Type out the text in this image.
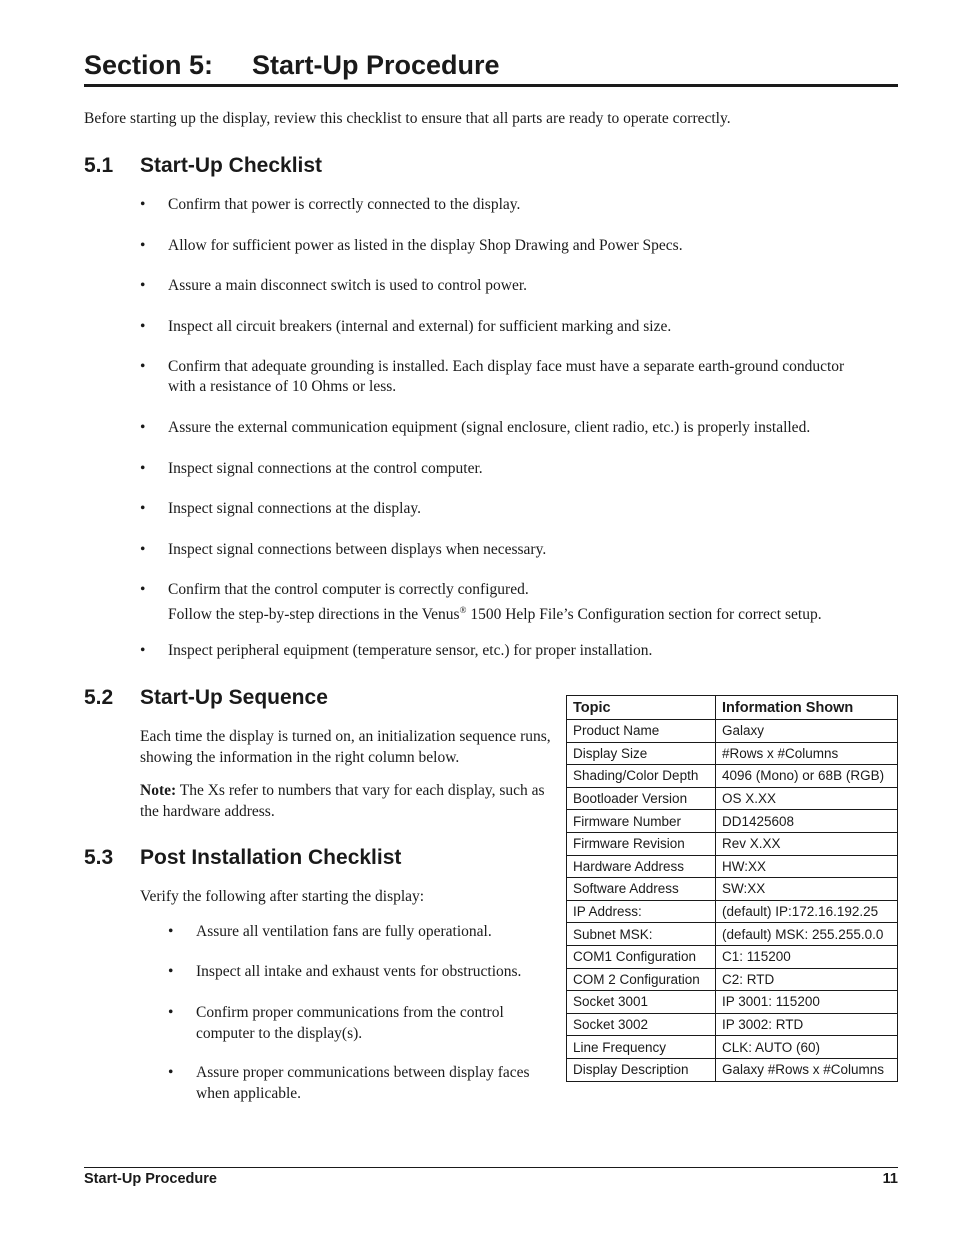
Section 5: Start-Up Procedure
Before starting up the display, review this checklist to ensure that all parts are ready to operate correctly.
5.1 Start-Up Checklist
• Confirm that power is correctly connected to the display.
• Allow for sufficient power as listed in the display Shop Drawing and Power Specs.
• Assure a main disconnect switch is used to control power.
• Inspect all circuit breakers (internal and external) for sufficient marking and size.
• Confirm that adequate grounding is installed. Each display face must have a separate earth-ground conductor with a resistance of 10 Ohms or less.
• Assure the external communication equipment (signal enclosure, client radio, etc.) is properly installed.
• Inspect signal connections at the control computer.
• Inspect signal connections at the display.
• Inspect signal connections between displays when necessary.
• Confirm that the control computer is correctly configured.
Follow the step-by-step directions in the Venus® 1500 Help File’s Configuration section for correct setup.
• Inspect peripheral equipment (temperature sensor, etc.) for proper installation.
5.2 Start-Up Sequence
Each time the display is turned on, an initialization sequence runs, showing the information in the right column below.
Note: The Xs refer to numbers that vary for each display, such as the hardware address.
5.3 Post Installation Checklist
Verify the following after starting the display:
• Assure all ventilation fans are fully operational.
• Inspect all intake and exhaust vents for obstructions.
• Confirm proper communications from the control computer to the display(s).
• Assure proper communications between display faces when applicable.
Topic	Information Shown
Product Name	Galaxy
Display Size	#Rows x #Columns
Shading/Color Depth	4096 (Mono) or 68B (RGB)
Bootloader Version	OS X.XX
Firmware Number	DD1425608
Firmware Revision	Rev X.XX
Hardware Address	HW:XX
Software Address	SW:XX
IP Address:	(default) IP:172.16.192.25
Subnet MSK:	(default) MSK: 255.255.0.0
COM1 Configuration	C1: 115200
COM 2 Configuration	C2: RTD
Socket 3001	IP 3001: 115200
Socket 3002	IP 3002: RTD
Line Frequency	CLK: AUTO (60)
Display Description	Galaxy #Rows x #Columns
Start-Up Procedure	11
